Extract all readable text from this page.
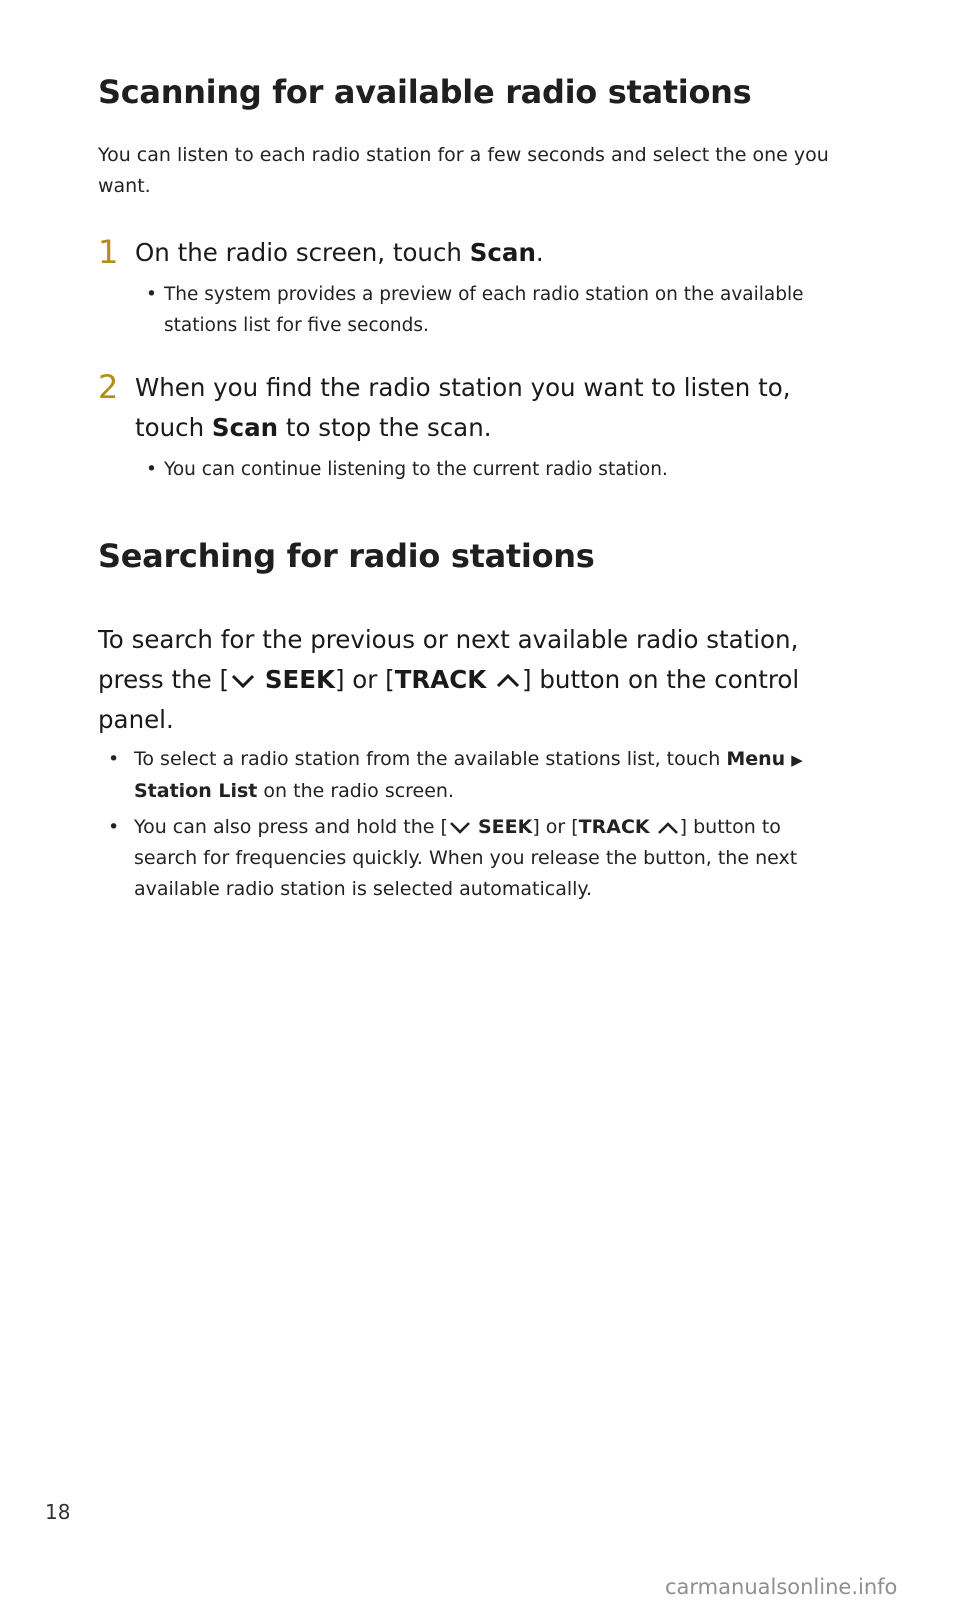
Scanning for available radio stations

You can listen to each radio station for a few seconds and select the one you want.

1 On the radio screen, touch Scan.
• The system provides a preview of each radio station on the available stations list for five seconds.
2 When you find the radio station you want to listen to, touch Scan to stop the scan.
• You can continue listening to the current radio station.
Searching for radio stations
To search for the previous or next available radio station, press the [ SEEK] or [TRACK ] button on the control panel.
• To select a radio station from the available stations list, touch Menu ▶ Station List on the radio screen.
• You can also press and hold the [ SEEK] or [TRACK ] button to search for frequencies quickly. When you release the button, the next available radio station is selected automatically.
18
carmanualsonline.info
